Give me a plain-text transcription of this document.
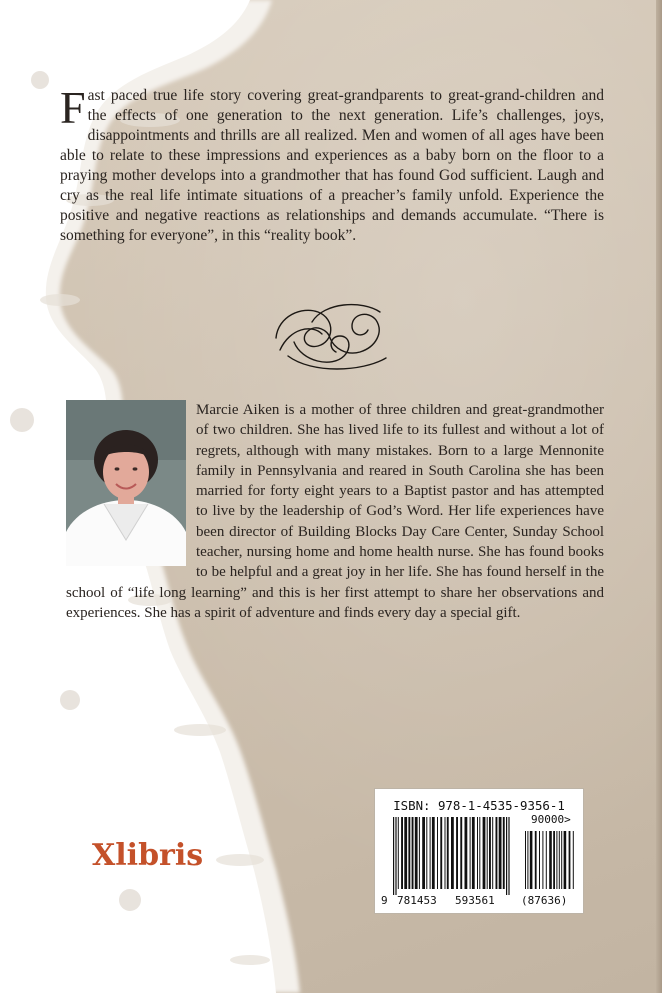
Fast paced true life story covering great-grandparents to great-grand-children and the effects of one generation to the next generation. Life’s challenges, joys, disappointments and thrills are all realized. Men and women of all ages have been able to relate to these impressions and experiences as a baby born on the floor to a praying mother develops into a grandmother that has found God sufficient. Laugh and cry as the real life intimate situations of a preacher’s family unfold. Experience the positive and negative reactions as relationships and demands accumulate. “There is something for everyone”, in this “reality book”.

Marcie Aiken is a mother of three children and great-grandmother of two children. She has lived life to its fullest and without a lot of regrets, although with many mistakes. Born to a large Mennonite family in Pennsylvania and reared in South Carolina she has been married for forty eight years to a Baptist pastor and has attempted to live by the leadership of God’s Word. Her life experiences have been director of Building Blocks Day Care Center, Sunday School teacher, nursing home and home health nurse. She has found books to be helpful and a great joy in her life. She has found herself in the school of “life long learning” and this is her first attempt to share her observations and experiences. She has a spirit of adventure and finds every day a special gift.

ISBN: 978-1-4535-9356-1
9 781453 593561
90000>
(87636)
Xlibris
